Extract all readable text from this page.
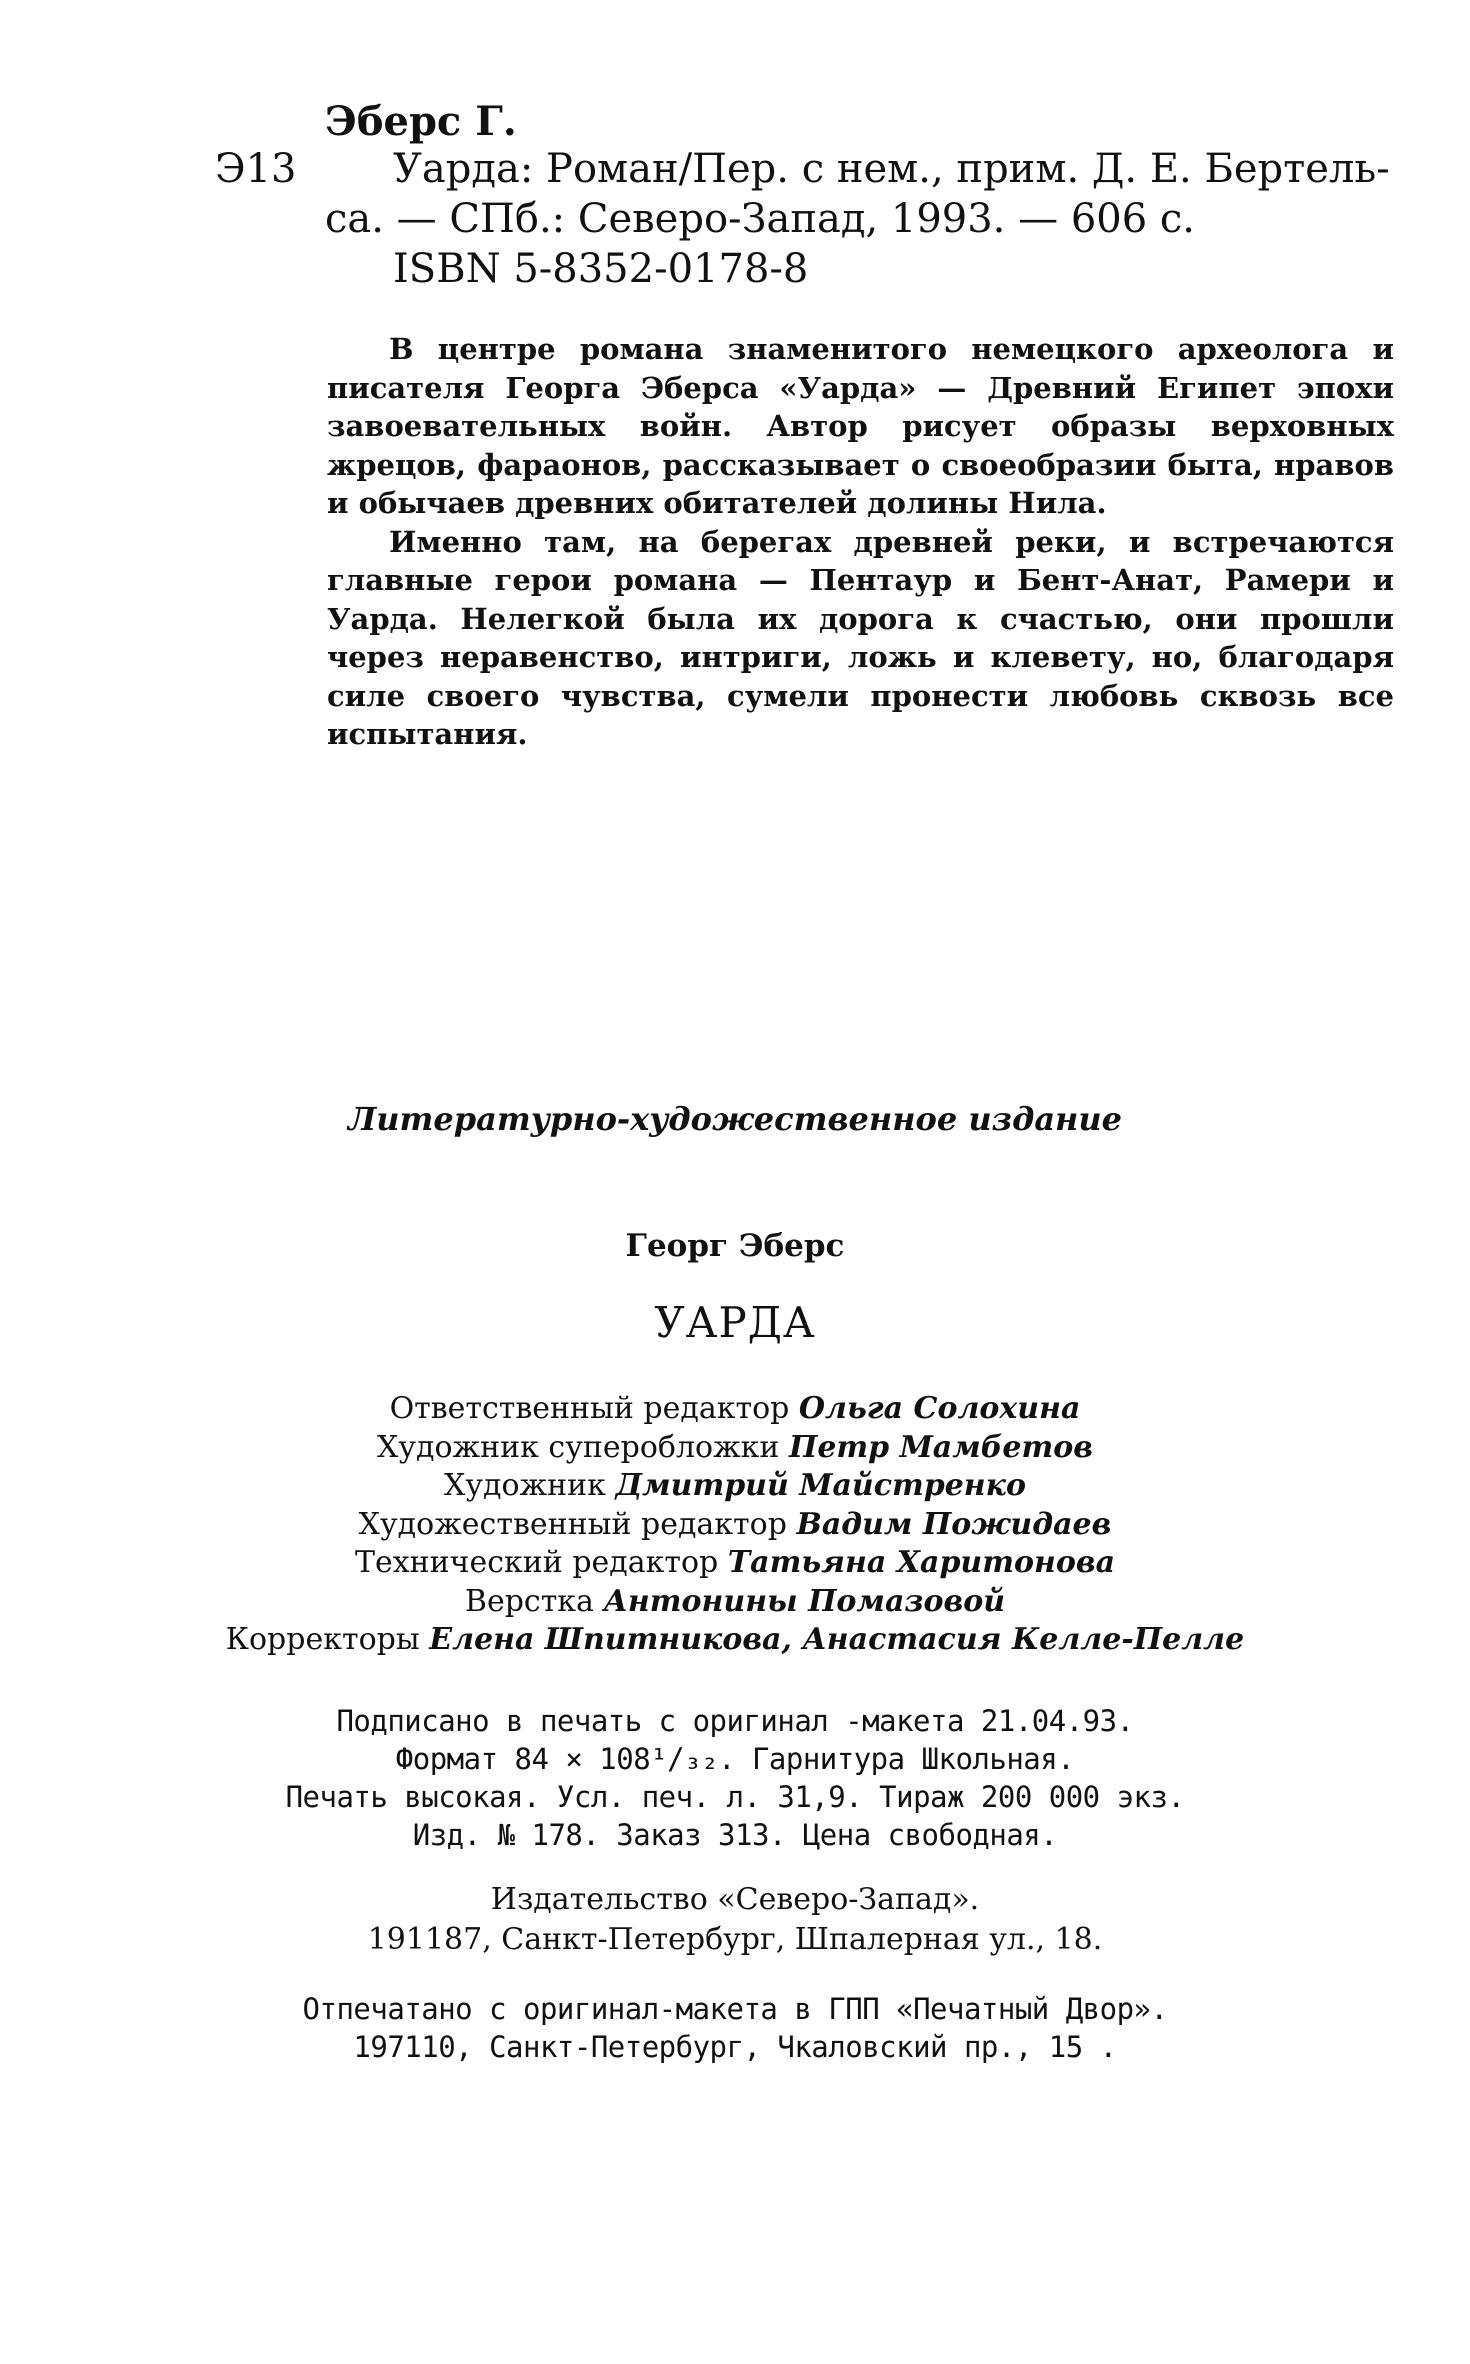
Эберс Г.
Э13 Уарда: Роман/Пер. с нем., прим. Д. Е. Бертель-
са. — СПб.: Северо-Запад, 1993. — 606 с.
ISBN 5-8352-0178-8

В центре романа знаменитого немецкого археолога и писателя Георга Эберса «Уарда» — Древний Египет эпохи завоевательных войн. Автор рисует образы верховных жрецов, фараонов, рассказывает о своеобразии быта, нравов и обычаев древних обитателей долины Нила.

Именно там, на берегах древней реки, и встречаются главные герои романа — Пентаур и Бент-Анат, Рамери и Уарда. Нелегкой была их дорога к счастью, они прошли через неравенство, интриги, ложь и клевету, но, благодаря силе своего чувства, сумели пронести любовь сквозь все испытания.

Литературно-художественное издание
Георг Эберс
УАРДА
Ответственный редактор Ольга Солохина
Художник суперобложки Петр Мамбетов
Художник Дмитрий Майстренко
Художественный редактор Вадим Пожидаев
Технический редактор Татьяна Харитонова
Верстка Антонины Помазовой
Корректоры Елена Шпитникова, Анастасия Келле-Пелле
Подписано в печать с оригинал -макета 21.04.93.
Формат 84 × 108¹/₃₂. Гарнитура Школьная.
Печать высокая. Усл. печ. л. 31,9. Тираж 200 000 экз.
Изд. № 178. Заказ 313. Цена свободная.
Издательство «Северо-Запад».
191187, Санкт-Петербург, Шпалерная ул., 18.
Отпечатано с оригинал-макета в ГПП «Печатный Двор».
197110, Санкт-Петербург, Чкаловский пр., 15 .
